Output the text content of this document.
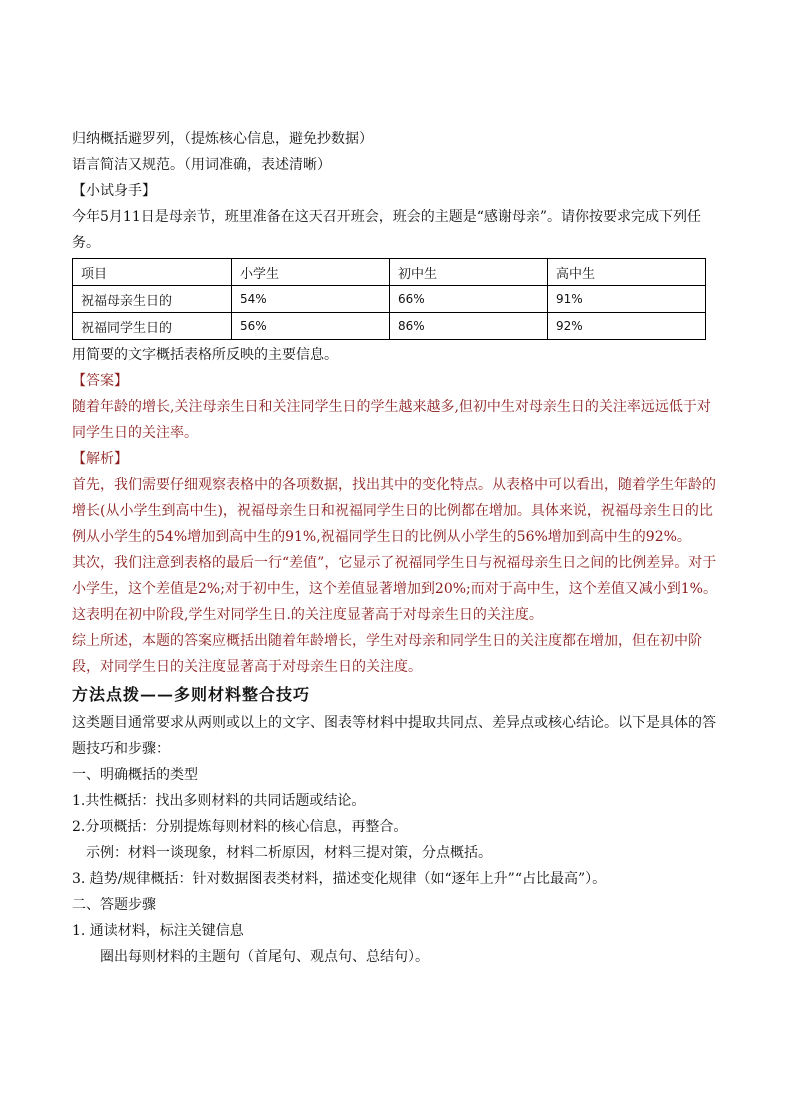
归纳概括避罗列，（提炼核心信息，避免抄数据）
语言简洁又规范。（用词准确，表述清晰）
【小试身手】
今年5月11日是母亲节，班里准备在这天召开班会，班会的主题是“感谢母亲”。请你按要求完成下列任务。
项目	小学生	初中生	高中生
祝福母亲生日的	54%	66%	91%
祝福同学生日的	56%	86%	92%
用简要的文字概括表格所反映的主要信息。
【答案】
随着年龄的增长,关注母亲生日和关注同学生日的学生越来越多,但初中生对母亲生日的关注率远远低于对同学生日的关注率。
【解析】
首先，我们需要仔细观察表格中的各项数据，找出其中的变化特点。从表格中可以看出，随着学生年龄的增长(从小学生到高中生)，祝福母亲生日和祝福同学生日的比例都在增加。具体来说，祝福母亲生日的比例从小学生的54%增加到高中生的91%,祝福同学生日的比例从小学生的56%增加到高中生的92%。
其次，我们注意到表格的最后一行“差值”，它显示了祝福同学生日与祝福母亲生日之间的比例差异。对于小学生，这个差值是2%;对于初中生，这个差值显著增加到20%;而对于高中生，这个差值又减小到1%。这表明在初中阶段,学生对同学生日.的关注度显著高于对母亲生日的关注度。
综上所述，本题的答案应概括出随着年龄增长，学生对母亲和同学生日的关注度都在增加，但在初中阶段，对同学生日的关注度显著高于对母亲生日的关注度。
方法点拨——多则材料整合技巧
这类题目通常要求从两则或以上的文字、图表等材料中提取共同点、差异点或核心结论。以下是具体的答题技巧和步骤：
一、明确概括的类型
1.共性概括：找出多则材料的共同话题或结论。
2.分项概括：分别提炼每则材料的核心信息，再整合。
示例：材料一谈现象，材料二析原因，材料三提对策，分点概括。
3. 趋势/规律概括：针对数据图表类材料，描述变化规律（如“逐年上升”“占比最高”）。
二、答题步骤
1. 通读材料，标注关键信息
圈出每则材料的主题句（首尾句、观点句、总结句）。
